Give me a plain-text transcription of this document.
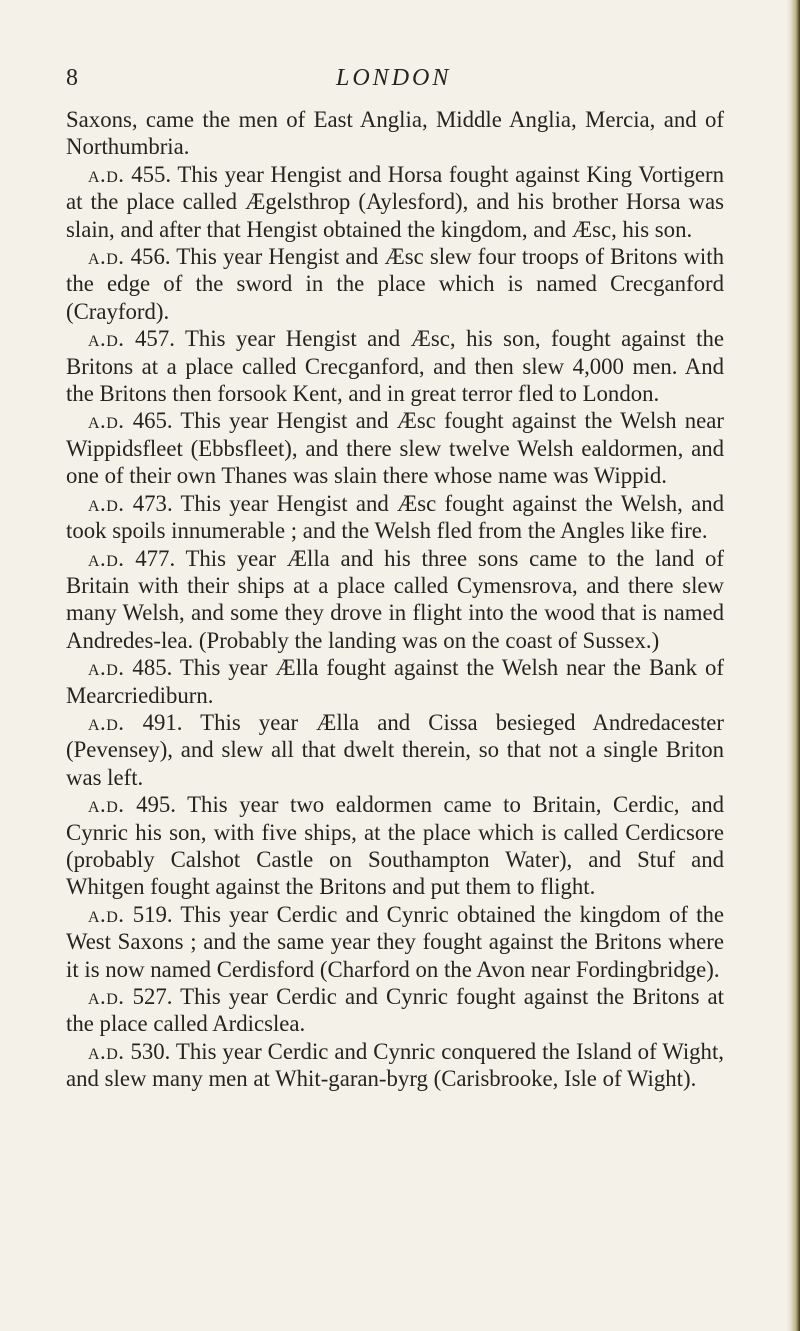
8	LONDON

Saxons, came the men of East Anglia, Middle Anglia, Mercia, and of Northumbria.

a.d. 455. This year Hengist and Horsa fought against King Vortigern at the place called Ægelsthrop (Aylesford), and his brother Horsa was slain, and after that Hengist obtained the kingdom, and Æsc, his son.

a.d. 456. This year Hengist and Æsc slew four troops of Britons with the edge of the sword in the place which is named Crecganford (Crayford).

a.d. 457. This year Hengist and Æsc, his son, fought against the Britons at a place called Crecganford, and then slew 4,000 men. And the Britons then forsook Kent, and in great terror fled to London.

a.d. 465. This year Hengist and Æsc fought against the Welsh near Wippidsfleet (Ebbsfleet), and there slew twelve Welsh ealdormen, and one of their own Thanes was slain there whose name was Wippid.

a.d. 473. This year Hengist and Æsc fought against the Welsh, and took spoils innumerable ; and the Welsh fled from the Angles like fire.

a.d. 477. This year Ælla and his three sons came to the land of Britain with their ships at a place called Cymensrova, and there slew many Welsh, and some they drove in flight into the wood that is named Andredes-lea. (Probably the landing was on the coast of Sussex.)

a.d. 485. This year Ælla fought against the Welsh near the Bank of Mearcriediburn.

a.d. 491. This year Ælla and Cissa besieged Andredacester (Pevensey), and slew all that dwelt therein, so that not a single Briton was left.

a.d. 495. This year two ealdormen came to Britain, Cerdic, and Cynric his son, with five ships, at the place which is called Cerdicsore (probably Calshot Castle on Southampton Water), and Stuf and Whitgen fought against the Britons and put them to flight.

a.d. 519. This year Cerdic and Cynric obtained the kingdom of the West Saxons ; and the same year they fought against the Britons where it is now named Cerdisford (Charford on the Avon near Fordingbridge).

a.d. 527. This year Cerdic and Cynric fought against the Britons at the place called Ardicslea.

a.d. 530. This year Cerdic and Cynric conquered the Island of Wight, and slew many men at Whit-garan-byrg (Carisbrooke, Isle of Wight).
